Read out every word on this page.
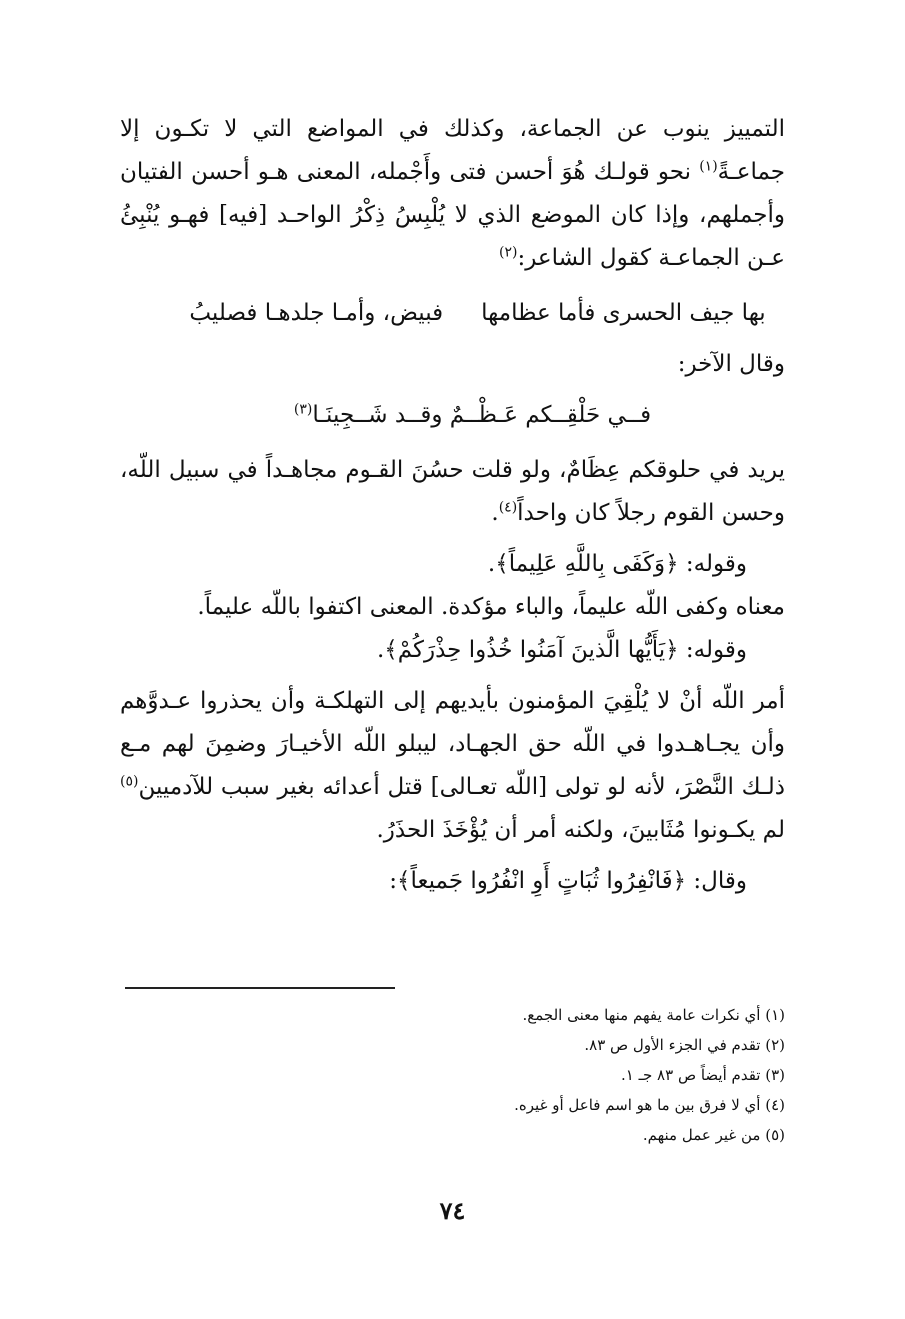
التمييز ينوب عن الجماعة، وكذلك في المواضع التي لا تكـون إلا جماعـةً$^{(١)}$ نحو قولـك هُوَ أحسن فتى وأَجْمله، المعنى هـو أحسن الفتيان وأجملهم، وإذا كان الموضع الذي لا يُلْبِسُ ذِكْرُ الواحـد [فيه] فهـو يُنْبِئُ عـن الجماعـة كقول الشاعر:$^{(٢)}$

بها جيف الحسرى فأما عظامها
فبيض، وأمـا جلدهـا فصليبُ

وقال الآخر:

فــي حَلْقِــكم عَـظْــمٌ وقــد شَــجِينَـا$^{(٣)}$

يريد في حلوقكم عِظَامٌ، ولو قلت حسُنَ القـوم مجاهـداً في سبيل اللّه، وحسن القوم رجلاً كان واحداً$^{(٤)}$.

وقوله: ﴿وَكَفَى بِاللَّهِ عَلِيماً﴾.

معناه وكفى اللّه عليماً، والباء مؤكدة. المعنى اكتفوا باللّه عليماً.

وقوله: ﴿يَأَيُّها الَّذينَ آمَنُوا خُذُوا حِذْرَكُمْ﴾.

أمر اللّه أنْ لا يُلْقِيَ المؤمنون بأيديهم إلى التهلكـة وأن يحذروا عـدوَّهم وأن يجـاهـدوا في اللّه حق الجهـاد، ليبلو اللّه الأخيـارَ وضمِنَ لهم مـع ذلـك النَّصْرَ، لأنه لو تولى [اللّه تعـالى] قتل أعدائه بغير سبب للآدميين$^{(٥)}$ لم يكـونوا مُثَابينَ، ولكنه أمر أن يُؤْخَذَ الحذَرُ.

وقال: ﴿فَانْفِرُوا ثُبَاتٍ أَوِ انْفُرُوا جَميعاً﴾:

(١) أي نكرات عامة يفهم منها معنى الجمع.

(٢) تقدم في الجزء الأول ص ٨٣.

(٣) تقدم أيضاً ص ٨٣ جـ ١.

(٤) أي لا فرق بين ما هو اسم فاعل أو غيره.

(٥) من غير عمل منهم.

٧٤
